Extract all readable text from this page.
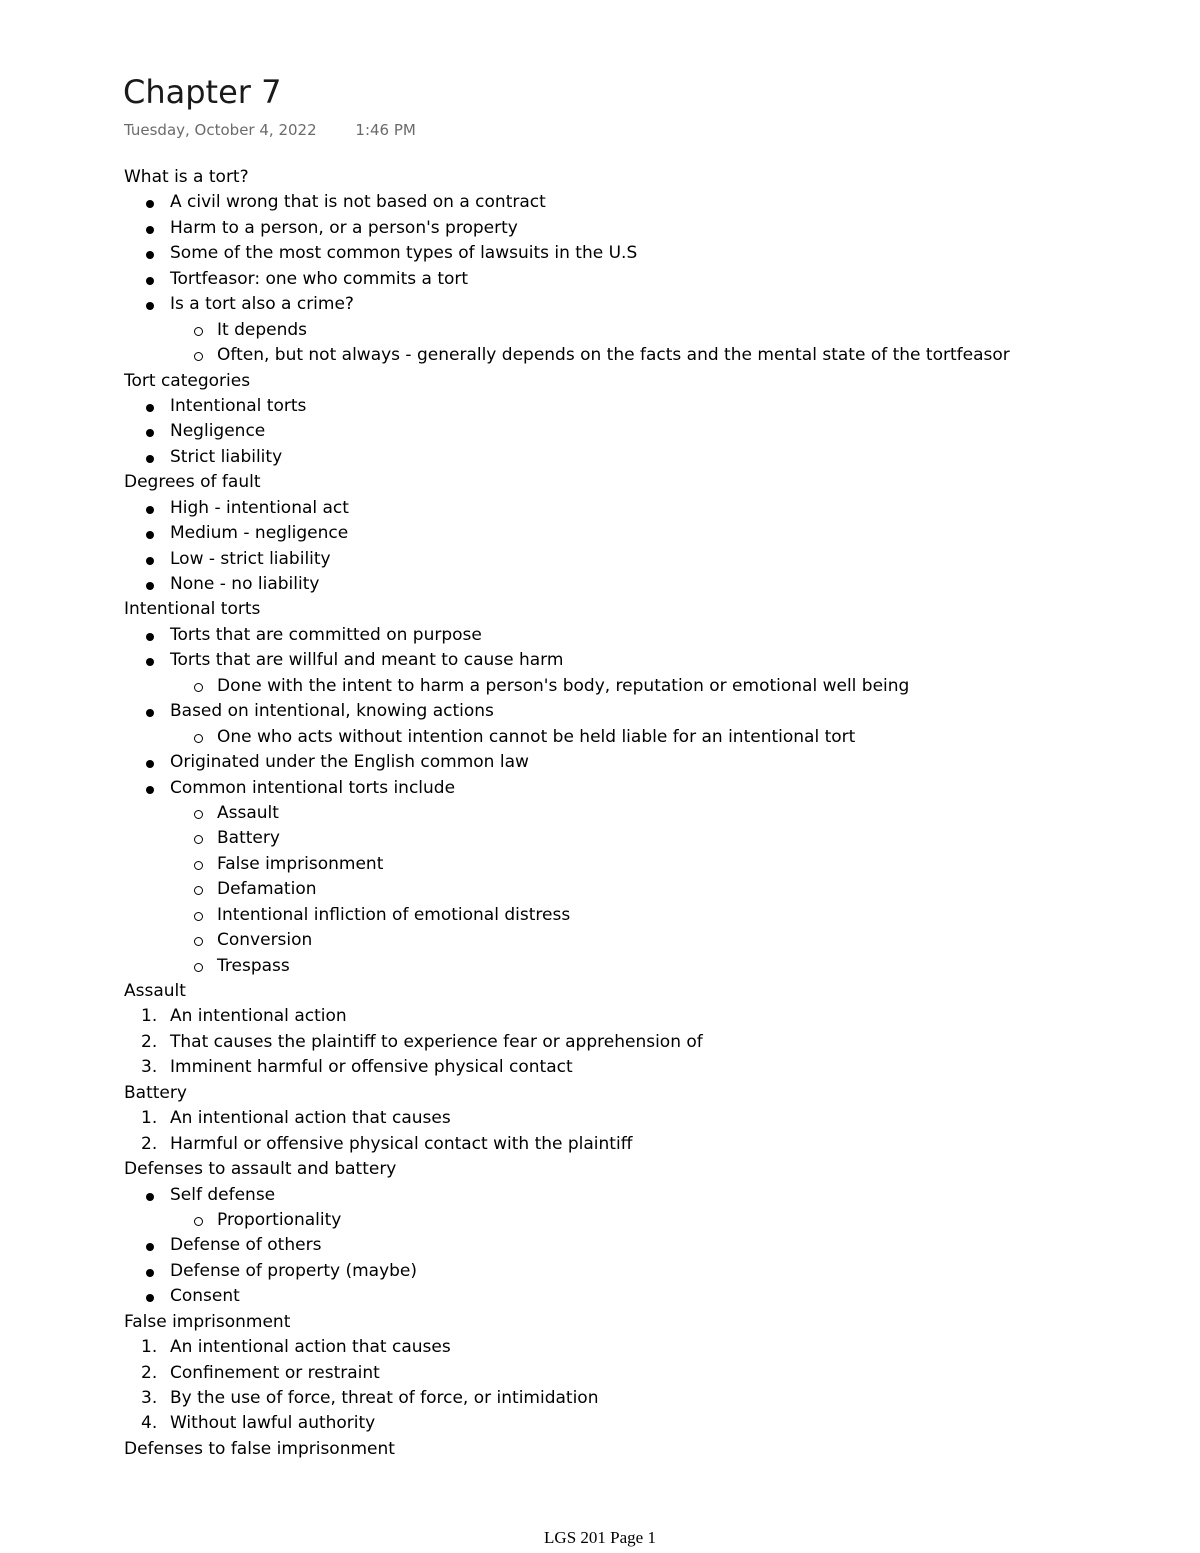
Chapter 7
Tuesday, October 4, 2022	1:46 PM
What is a tort?
A civil wrong that is not based on a contract
Harm to a person, or a person's property
Some of the most common types of lawsuits in the U.S
Tortfeasor: one who commits a tort
Is a tort also a crime?
It depends
Often, but not always - generally depends on the facts and the mental state of the tortfeasor
Tort categories
Intentional torts
Negligence
Strict liability
Degrees of fault
High - intentional act
Medium - negligence
Low - strict liability
None - no liability
Intentional torts
Torts that are committed on purpose
Torts that are willful and meant to cause harm
Done with the intent to harm a person's body, reputation or emotional well being
Based on intentional, knowing actions
One who acts without intention cannot be held liable for an intentional tort
Originated under the English common law
Common intentional torts include
Assault
Battery
False imprisonment
Defamation
Intentional infliction of emotional distress
Conversion
Trespass
Assault
1. An intentional action
2. That causes the plaintiff to experience fear or apprehension of
3. Imminent harmful or offensive physical contact
Battery
1. An intentional action that causes
2. Harmful or offensive physical contact with the plaintiff
Defenses to assault and battery
Self defense
Proportionality
Defense of others
Defense of property (maybe)
Consent
False imprisonment
1. An intentional action that causes
2. Confinement or restraint
3. By the use of force, threat of force, or intimidation
4. Without lawful authority
Defenses to false imprisonment
LGS 201 Page 1
